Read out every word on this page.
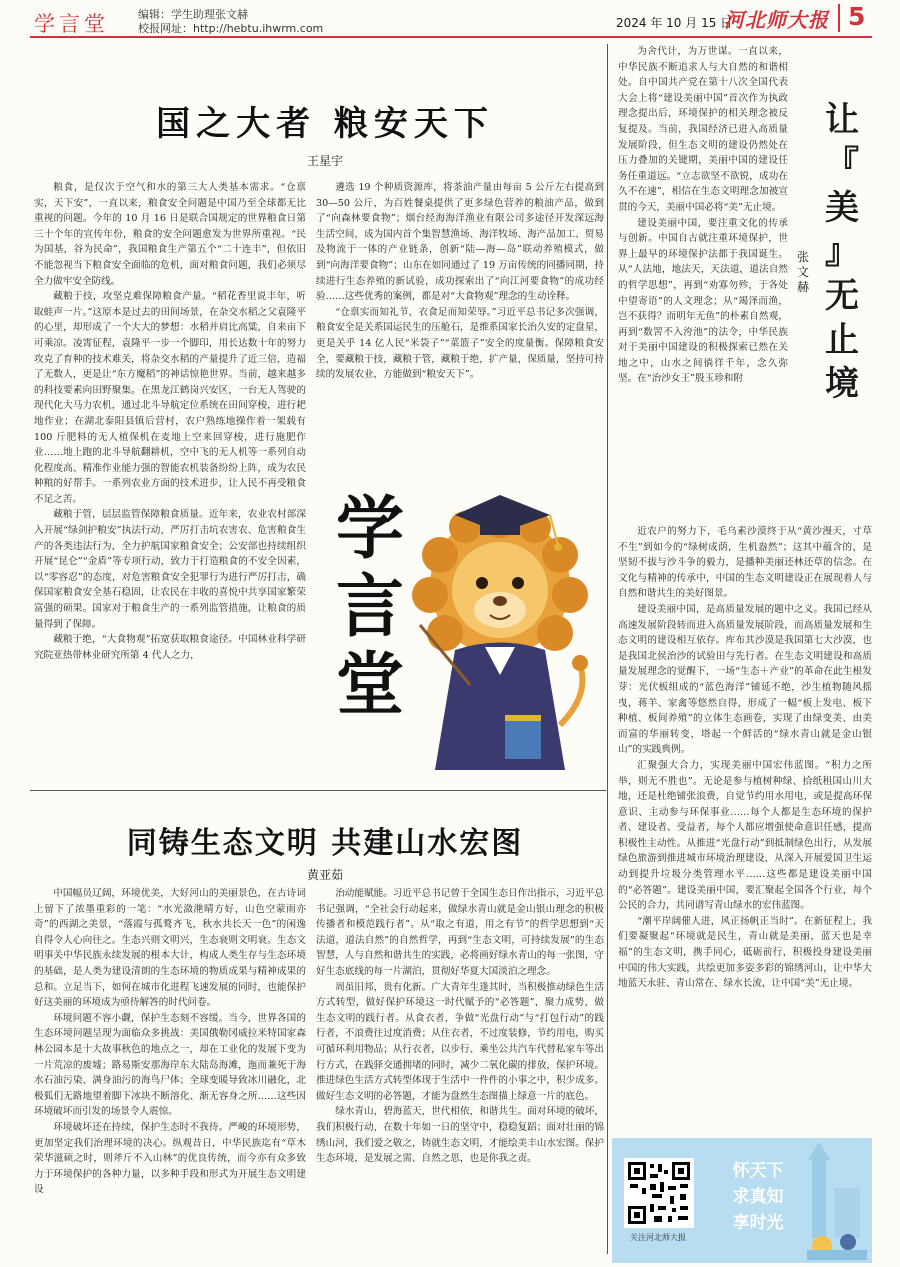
学言堂	编辑：学生助理张文赫
校报网址：http://hebtu.ihwrm.com	2024 年 10 月 15 日
河北师大报 5
国之大者 粮安天下
王星宇

粮食，是仅次于空气和水的第三大人类基本需求。“仓禀实，天下安”，一直以来，粮食安全问题是中国乃至全球都无比重视的问题。今年的 10 月 16 日是联合国规定的世界粮食日第三十个年的宣传年份，粮食的安全问题愈发为世界所重视。“民为国基，谷为民命”，我国粮食生产第五个“二十连丰”，但依旧不能忽视当下粮食安全面临的危机，面对粮食问题，我们必须尽全力做牢安全防线。

藏粮于技，攻坚克难保障粮食产量。“稻花香里说丰年，听取蛙声一片。”这原本是过去的田间场景，在杂交水稻之父袁隆平的心里，却形成了一个大大的梦想：水稻并肩比高粱，自来亩下可乘凉。凌霄征程，袁隆平一步一个脚印，用长达数十年的努力攻克了育种的技术难关，将杂交水稻的产量提升了近三倍，造福了无数人，更是让“东方魔稻”的神话惊艳世界。当前，越来越多的科技要素向田野聚集。在黑龙江鹤岗兴安区，一台无人驾驶的现代化大马力农机，通过北斗导航定位系统在田间穿梭，进行耙地作业；在湖北泰阳县镇后营村，农户熟练地操作着一架载有 100 斤肥料的无人植保机在麦地上空来回穿梭，进行施肥作业……地上跑的北斗导航翻耕机，空中飞的无人机等一系列自动化程度高、精准作业能力强的智能农机装备纷纷上阵，成为农民种粮的好帮手。一系列农业方面的技术进步，让人民不再受粮食不足之苦。

藏粮于管，层层监管保障粮食质量。近年来，农业农村部深入开展“绿剑护粮安”执法行动，严厉打击坑农害农、危害粮食生产的各类违法行为，全力护航国家粮食安全；公安部也持续组织开展“昆仑”“金盾”等专项行动，致力于打造粮食的不安全因素，以“零容忍”的态度，对危害粮食安全犯罪行为进行严厉打击，确保国家粮食安全基石稳固，让农民在丰收的喜悦中共享国家繁荣富强的硕果。国家对于粮食生产的一系列监管措施，让粮食的质量得到了保障。

藏粮于绝，“大食物观”拓宽获取粮食途径。中国林业科学研究院亚热带林业研究所第 4 代人之力，

遴选 19 个种质资源库，将茶油产量由每亩 5 公斤左右提高到 30—50 公斤，为百姓餐桌提供了更多绿色营养的粮油产品，做到了“向森林要食物”；烟台经海海洋渔业有限公司多途径开发深远海生活空间，成为国内首个集智慧渔场、海洋牧场、海产品加工、贸易及物流于一体的产业链条，创新“陆—海—岛”联动养殖模式，做到“向海洋要食物”；山东在如同通过了 19 万亩传统的同播同期，持续进行生态养殖的新试验，成功探索出了“向江河要食物”的成功经验……这些优秀的案例，都是对“大食物观”理念的生动诠释。

“仓禀实而知礼节，衣食足而知荣辱。”习近平总书记多次强调，粮食安全是关系国运民生的压舱石，是维系国家长治久安的定盘星，更是关乎 14 亿人民“米袋子”“菜篮子”安全的度量衡。保障粮食安全，要藏粮于技，藏粮于管，藏粮于绝，扩产量，保质量，坚持可持续的发展农业，方能做到“粮安天下”。

学
言
堂
同铸生态文明 共建山水宏图
黄亚茹

中国幅员辽阔，环境优美，大好河山的美丽景色，在古诗词上留下了浓墨重彩的一笔：“水光潋滟晴方好，山色空蒙雨亦奇”的西湖之美景，“落霞与孤鹜齐飞，秋水共长天一色”的闲逸自得令人心向往之。生态兴则文明兴，生态衰则文明衰。生态文明事关中华民族永续发展的根本大计，构成人类生存与生态环境的基础，是人类为建设清朗的生态环境的物质成果与精神成果的总和。立足当下，如何在城市化进程飞速发展的同时，也能保护好这美丽的环境成为亟待解答的时代问卷。

环境问题不容小觑，保护生态刻不容缓。当今，世界各国的生态环境问题呈现为面临众多挑战：美国俄勒冈威拉米特国家森林公园本是十大故事秋色的地点之一，却在工业化的发展下变为一片荒凉的废墟；路易斯安那海岸东大陆岛海滩，迤而兼死于海水石油污染、满身油污的海鸟尸体；全球变暖导致冰川融化，北极狐们无路地望着脚下冰块不断溶化、渐无容身之所……这些因环境破坏而引发的场景令人震惊。

环境破坏还在持续，保护生态时不我待。严峻的环境形势，更加坚定我们治理环境的决心。纵观昔日，中华民族迄有“草木荣华滋硕之时，则斧斤不入山林”的优良传统，而今亦有众多致力于环境保护的各种力量，以多种手段和形式为开展生态文明建设

治动能赋能。习近平总书记曾于全国生态日作出指示，习近平总书记强调，“全社会行动起来，做绿水青山就是金山银山理念的积极传播者和模范践行者”。从“取之有道，用之有节”的哲学思想到“天法道，道法自然”的自然哲学，再到“生态文明，可持续发展”的生态智慧，人与自然和谐共生的实践，必将画好绿水青山的每一张图，守好生态底线的每一片湖泊，贯彻好华夏大国淡泊之理念。

周虽旧邦，贵有化新。广大青年生逢其时，当积极推动绿色生活方式转型，做好保护环境这一时代赋予的“必答题”，聚力成势，做生态文明的践行者。从食衣者，争做“光盘行动”与“打包行动”的践行者，不浪费往过度消费；从住衣者，不过度装修，节约用电，购买可循环利用物品；从行衣者，以步行、乘坐公共汽车代替私家车等出行方式，在践驿交通拥堵的同时，减少二氧化碳的排放，保护环境。推进绿色生活方式转型体现于生活中一件件的小事之中，积少成多。做好生态文明的必答题，才能为盘然生态图描上绿意一片的底色。

绿水青山，碧海蓝天，世代相依，和谐共生。面对环境的破坏，我们积极行动，在数十年如一日的坚守中，稳稳复蹈；面对壮丽的锦绣山河，我们爱之敬之，铸就生态文明，才能绘美丰山水宏图。保护生态环境，是发展之需、自然之思，也是你我之责。

让
『
美
』
无
止
境
张
文
赫

为舍代计，为万世谋。一直以来，中华民族不断追求人与大自然的和谐相处。自中国共产党在第十八次全国代表大会上将“建设美丽中国”首次作为执政理念提出后，环境保护的相关理念被反复提及。当前，我国经济已进入高质量发展阶段，但生态文明的建设仍然处在压力叠加的关键期，美丽中国的建设任务任重道远。“立志欲坚不欲锐，成功在久不在速”，相信在生态文明理念加被宣贯的今天，美丽中国必将“美”无止境。

建设美丽中国，要注重文化的传承与创新。中国自古就注重环境保护，世界上最早的环境保护法都于我国诞生。从“人法地，地法天，天法道，道法自然的哲学思想”，再到“劝寡勿殄，于各处中望寄语”的人文理念；从“竭泽而渔，岂不获得？而明年无鱼”的朴素自然观，再到“数罟不入洿池”的法令，中华民族对于美丽中国建设的积极探索已然在关地之中，山水之间徜徉千年，念久弥坚。在“治沙女王”殷玉珍和附

近农户的努力下，毛乌素沙漠终于从“黄沙漫天，寸草不生”到如今的“绿树成荫，生机盎然”；这其中蕴含的，是坚韧不拔与沙斗争的毅力，是播种美丽还林还草的信念。在文化与精神的传承中，中国的生态文明建设正在展现着人与自然和谐共生的美好图景。

建设美丽中国，是高质量发展的题中之义。我国已经从高速发展阶段转而进入高质量发展阶段，而高质量发展和生态文明的建设相互依存。库布其沙漠是我国第七大沙漠，也是我国北侯治沙的试验田与先行者。在生态文明建设和高质量发展理念的觉醒下，一场“生态＋产业”的革命在此生根发芽：光伏板组成的“蓝色海洋”铺延不绝，沙生植物随风摇曳，蒋羊、家禽等悠然自得，形成了一幅“板上发电、板下种植、板间养殖”的立体生态画卷，实现了由绿变美、由美而富的华丽转变，塔起一个鲜活的“绿水青山就是金山银山”的实践典例。

汇聚强大合力，实现美丽中国宏伟蓝图。“积力之所举，则无不胜也”。无论是参与植树种绿、拾纸租国山川大地，还是杜绝铺张浪费，自觉节约用水用电，或是提高环保意识、主动参与环保事业……每个人都是生态环境的保护者、建设者、受益者，每个人都应增强使命意识任感，提高积极性主动性。从推进“光盘行动”到抵制绿色出行，从发展绿色旅游到推进城市环境治理建设，从深入开展爱国卫生运动到提升垃圾分类管理水平……这些都是建设美丽中国的“必答题”。建设美丽中国，要汇聚起全国各个行业，每个公民的合力，共同谱写青山绿水的宏伟蓝图。

“潮平岸阔催人进，风正扬帆正当时”。在新征程上，我们要凝聚起“环境就是民生，青山就是美丽，蓝天也是幸福”的生态文明，携手同心，砥砺前行，积极投身建设美丽中国的伟大实践，共绘更加多姿多彩的锦绣河山，让中华大地蓝天永驻、青山常在、绿水长流，让中国“美”无止境。

关注河北师大报
怀天下
求真知
享时光
